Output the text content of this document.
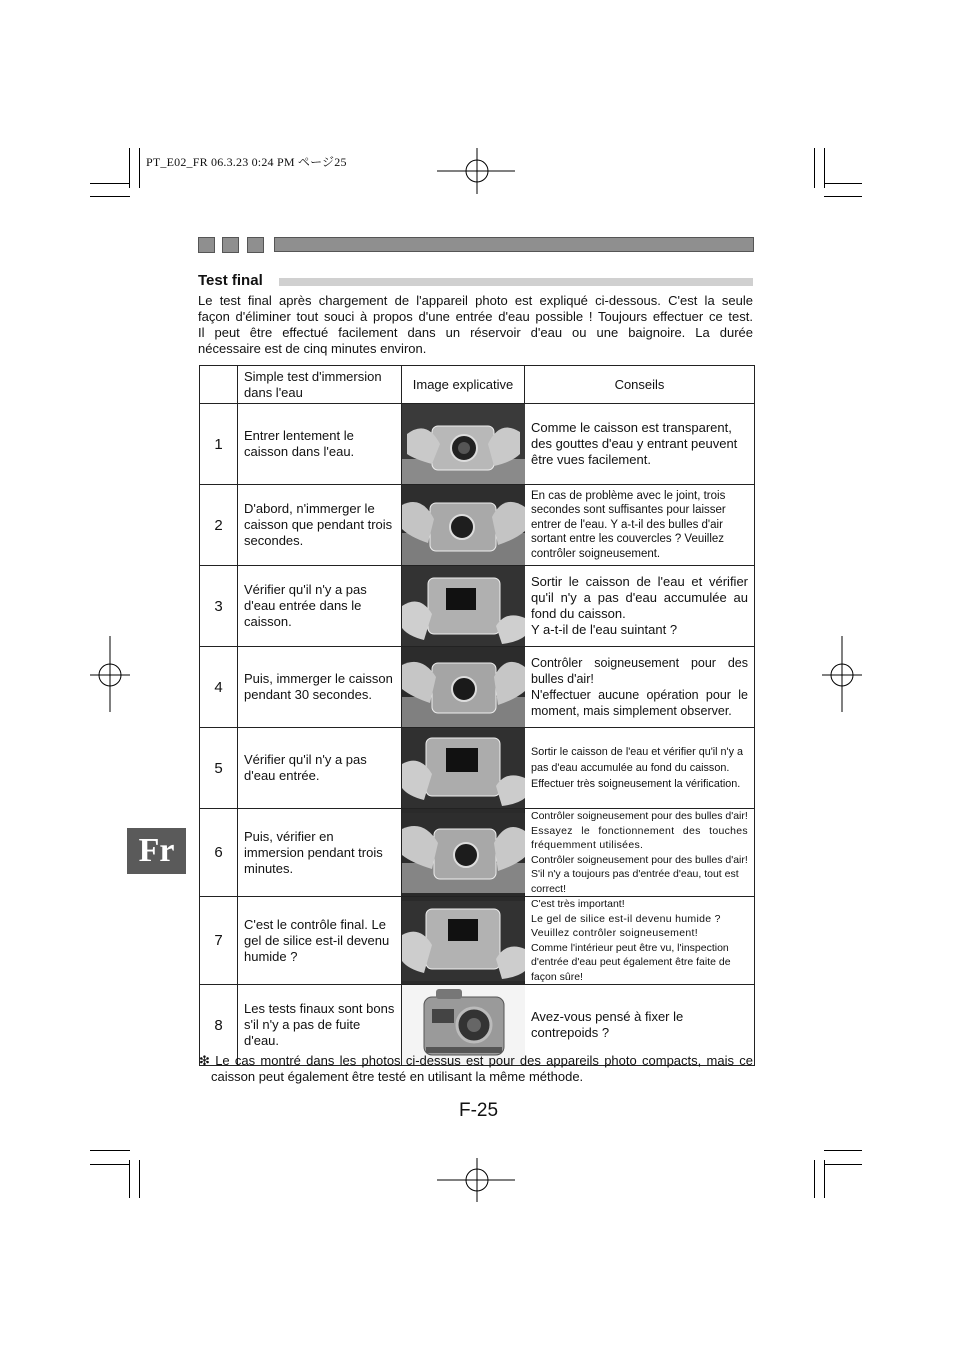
PT_E02_FR 06.3.23 0:24 PM ページ25
Test final
Le test final après chargement de l'appareil photo est expliqué ci-dessous. C'est la seule
façon d'éliminer tout souci à propos d'une entrée d'eau possible ! Toujours effectuer ce test.
Il peut être effectué facilement dans un réservoir d'eau ou une baignoire. La durée
nécessaire est de cinq minutes environ.
	Simple test d'immersion dans l'eau	Image explicative	Conseils
1	Entrer lentement le caisson dans l'eau.		Comme le caisson est transparent, des gouttes d'eau y entrant peuvent être vues facilement.

2	D'abord, n'immerger le caisson que pendant trois secondes.		En cas de problème avec le joint, trois secondes sont suffisantes pour laisser entrer de l'eau. Y a-t-il des bulles d'air sortant entre les couvercles ? Veuillez contrôler soigneusement.

3	Vérifier qu'il n'y a pas d'eau entrée dans le caisson.		Sortir le caisson de l'eau et vérifier qu'il n'y a pas d'eau accumulée au fond du caisson.
Y a-t-il de l'eau suintant ?

4	Puis, immerger le caisson pendant 30 secondes.		Contrôler soigneusement pour des bulles d'air!
N'effectuer aucune opération pour le moment, mais simplement observer.

5	Vérifier qu'il n'y a pas d'eau entrée.		Sortir le caisson de l'eau et vérifier qu'il n'y a pas d'eau accumulée au fond du caisson.
Effectuer très soigneusement la vérification.

6	Puis, vérifier en immersion pendant trois minutes.		Contrôler soigneusement pour des bulles d'air!
Essayez le fonctionnement des touches fréquemment utilisées.
Contrôler soigneusement pour des bulles d'air!
S'il n'y a toujours pas d'entrée d'eau, tout est correct!

7	C'est le contrôle final. Le gel de silice est-il devenu humide ?		C'est très important!
Le gel de silice est-il devenu humide ? Veuillez contrôler soigneusement!
Comme l'intérieur peut être vu, l'inspection d'entrée d'eau peut également être faite de façon sûre!

8	Les tests finaux sont bons s'il n'y a pas de fuite d'eau.		Avez-vous pensé à fixer le contrepoids ?
❇ Le cas montré dans les photos ci-dessus est pour des appareils photo compacts, mais ce
caisson peut également être testé en utilisant la même méthode.
F-25
Fr
